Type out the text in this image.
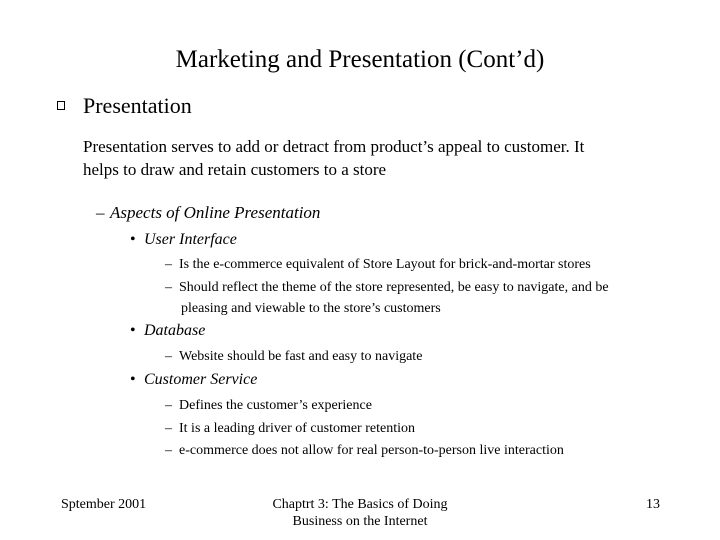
Marketing and Presentation (Cont’d)
Presentation
Presentation serves to add or detract from product’s appeal to customer. It
helps to draw and retain customers to a store
– Aspects of Online Presentation
• User Interface
– Is the e-commerce equivalent of Store Layout for brick-and-mortar stores
– Should reflect the theme of the store represented, be easy to navigate, and be
pleasing and viewable to the store’s customers
• Database
– Website should be fast and easy to navigate
• Customer Service
– Defines the customer’s experience
– It is a leading driver of customer retention
– e-commerce does not allow for real person-to-person live interaction
Sptember 2001	Chaptrt 3: The Basics of Doing
Business on the Internet
13
